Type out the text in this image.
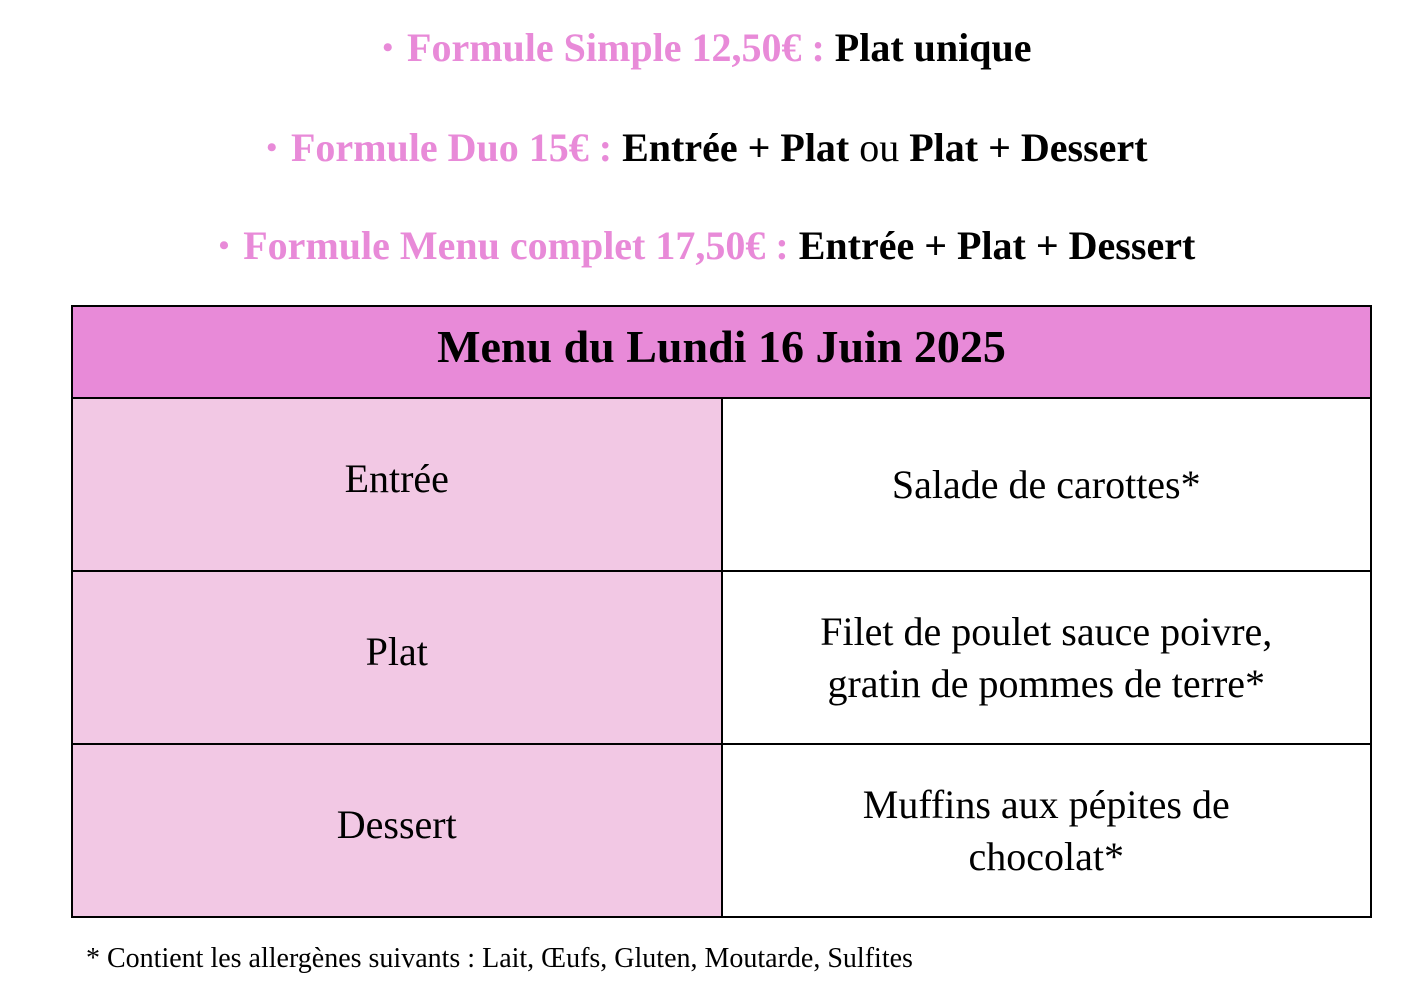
• Formule Simple 12,50€ : Plat unique
• Formule Duo 15€ : Entrée + Plat ou Plat + Dessert
• Formule Menu complet 17,50€ : Entrée + Plat + Dessert
Menu du Lundi 16 Juin 2025	
Entrée	Salade de carottes*

Plat	Filet de poulet sauce poivre, gratin de pommes de terre*

Dessert	Muffins aux pépites de chocolat*
* Contient les allergènes suivants : Lait, Œufs, Gluten, Moutarde, Sulfites
